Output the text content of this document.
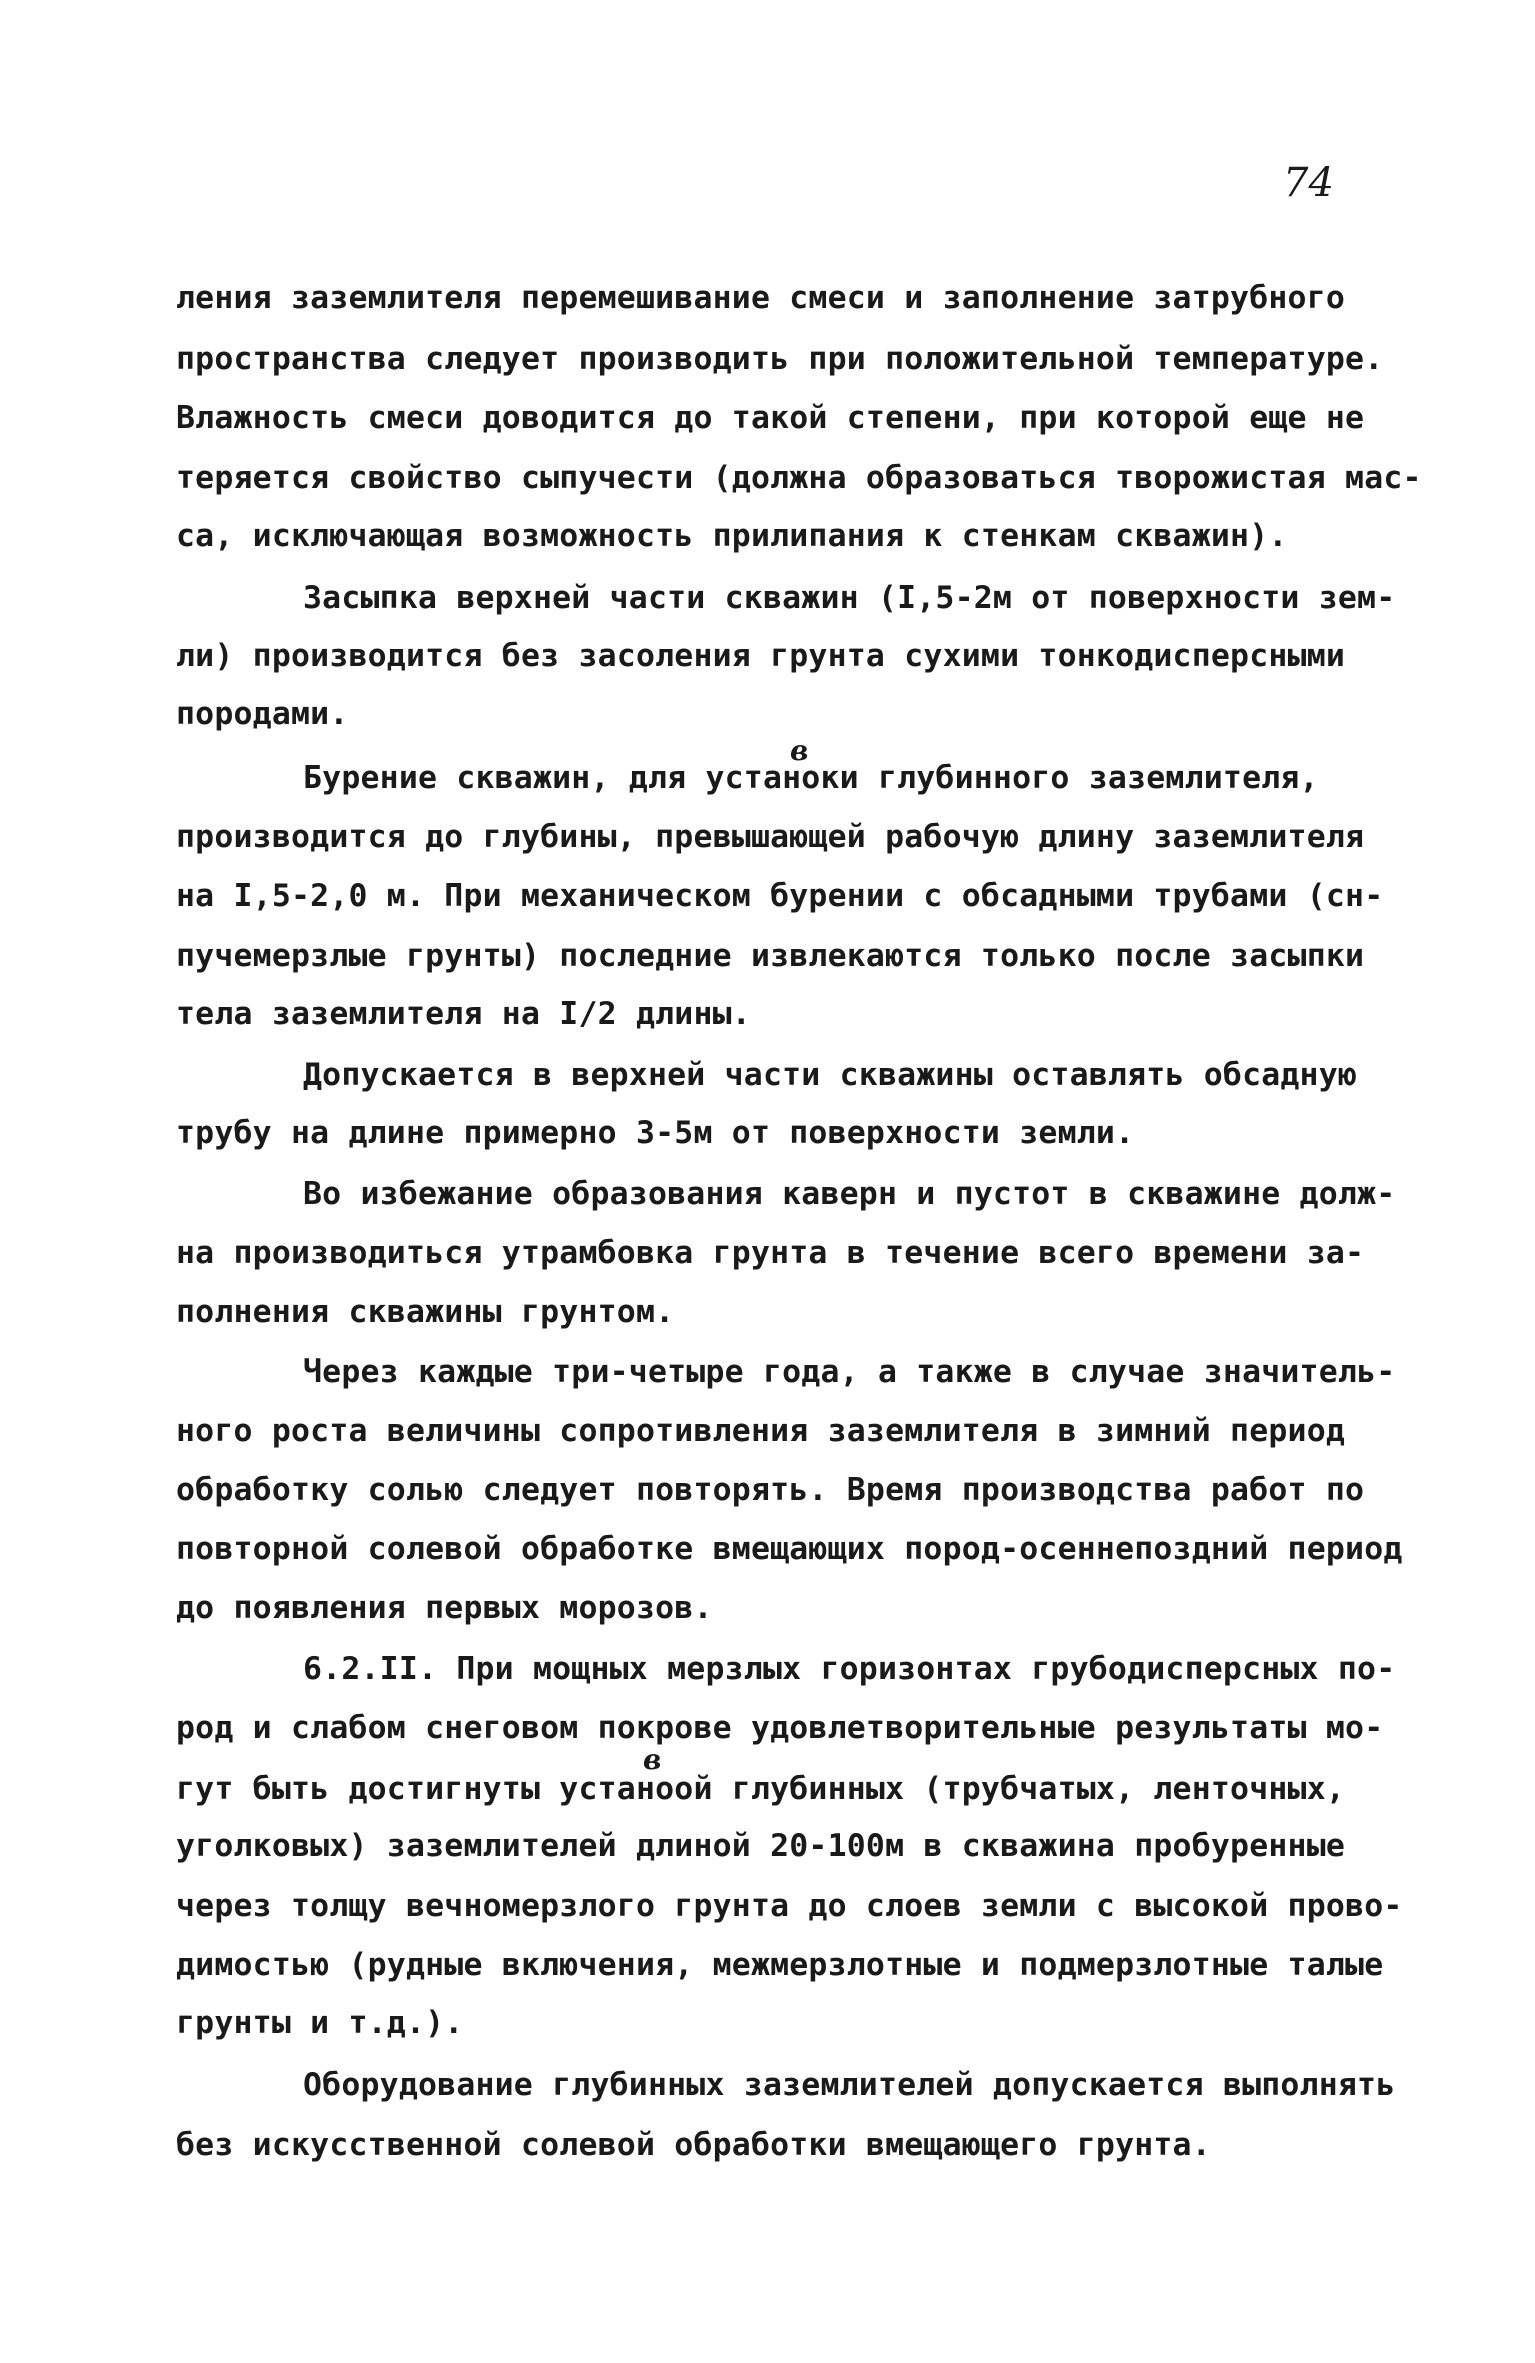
74
ления заземлителя перемешивание смеси и заполнение затрубного
пространства следует производить при положительной температуре.
Влажность смеси доводится до такой степени, при которой еще не
теряется свойство сыпучести (должна образоваться творожистая мас-
са, исключающая возможность прилипания к стенкам скважин).
Засыпка верхней части скважин (I,5-2м от поверхности зем-
ли) производится без засоления грунта сухими тонкодисперсными
породами.
Бурение скважин, для устаноки глубинного заземлителя,
производится до глубины, превышающей рабочую длину заземлителя
на I,5-2,0 м. При механическом бурении с обсадными трубами (сн-
пучемерзлые грунты) последние извлекаются только после засыпки
тела заземлителя на I/2 длины.
Допускается в верхней части скважины оставлять обсадную
трубу на длине примерно 3-5м от поверхности земли.
Во избежание образования каверн и пустот в скважине долж-
на производиться утрамбовка грунта в течение всего времени за-
полнения скважины грунтом.
Через каждые три-четыре года, а также в случае значитель-
ного роста величины сопротивления заземлителя в зимний период
обработку солью следует повторять. Время производства работ по
повторной солевой обработке вмещающих пород-осеннепоздний период
до появления первых морозов.
6.2.II. При мощных мерзлых горизонтах грубодисперсных по-
род и слабом снеговом покрове удовлетворительные результаты мо-
гут быть достигнуты устаноой глубинных (трубчатых, ленточных,
уголковых) заземлителей длиной 20-100м в скважина пробуренные
через толщу вечномерзлого грунта до слоев земли с высокой прово-
димостью (рудные включения, межмерзлотные и подмерзлотные талые
грунты и т.д.).
Оборудование глубинных заземлителей допускается выполнять
без искусственной солевой обработки вмещающего грунта.
в
в
